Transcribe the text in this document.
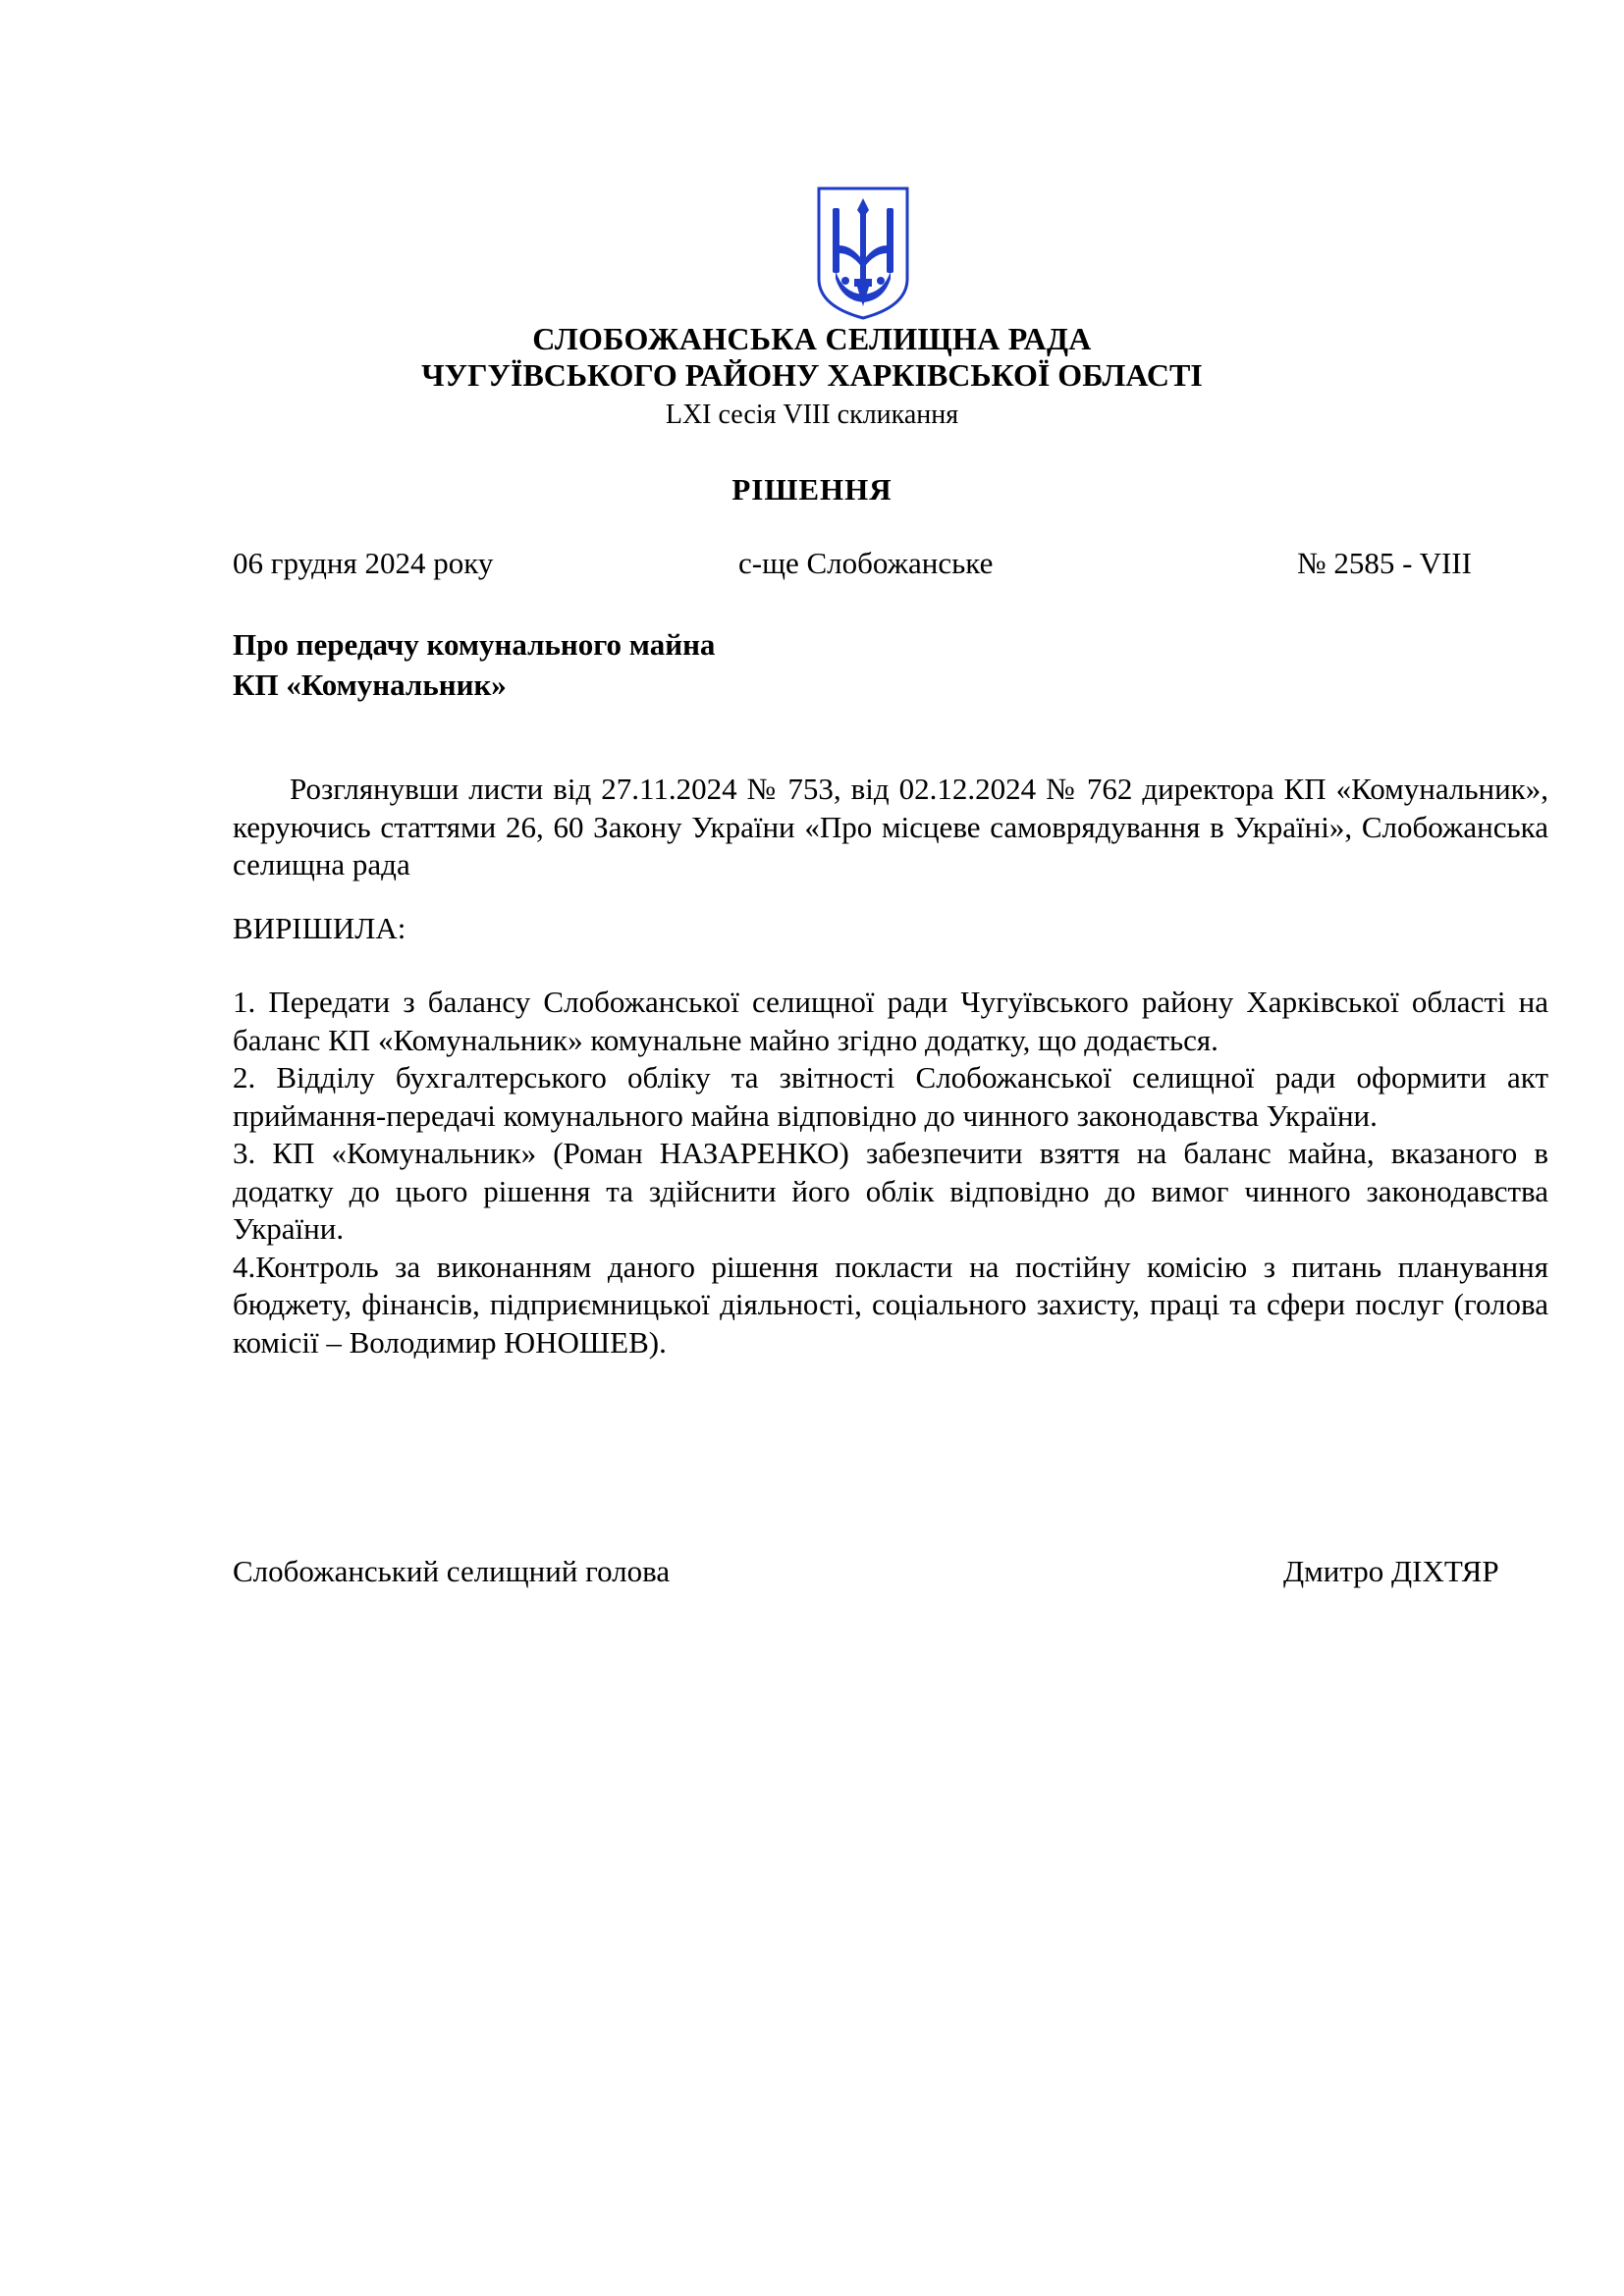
СЛОБОЖАНСЬКА СЕЛИЩНА РАДА
ЧУГУЇВСЬКОГО РАЙОНУ ХАРКІВСЬКОЇ ОБЛАСТІ
LXI сесія VIII скликання
РІШЕННЯ
06 грудня 2024 року	с-ще Слобожанське	№ 2585 - VIII
Про передачу комунального майна
КП «Комунальник»

Розглянувши листи від 27.11.2024 № 753, від 02.12.2024 № 762 директора КП «Комунальник», керуючись статтями 26, 60 Закону України «Про місцеве самоврядування в Україні», Слобожанська селищна рада

ВИРІШИЛА:

1. Передати з балансу Слобожанської селищної ради Чугуївського району Харківської області на баланс КП «Комунальник» комунальне майно згідно додатку, що додається.

2. Відділу бухгалтерського обліку та звітності Слобожанської селищної ради оформити акт приймання-передачі комунального майна відповідно до чинного законодавства України.

3. КП «Комунальник» (Роман НАЗАРЕНКО) забезпечити взяття на баланс майна, вказаного в додатку до цього рішення та здійснити його облік відповідно до вимог чинного законодавства України.

4.Контроль за виконанням даного рішення покласти на постійну комісію з питань планування бюджету, фінансів, підприємницької діяльності, соціального захисту, праці та сфери послуг (голова комісії – Володимир ЮНОШЕВ).

Слобожанський селищний голова	Дмитро ДІХТЯР
